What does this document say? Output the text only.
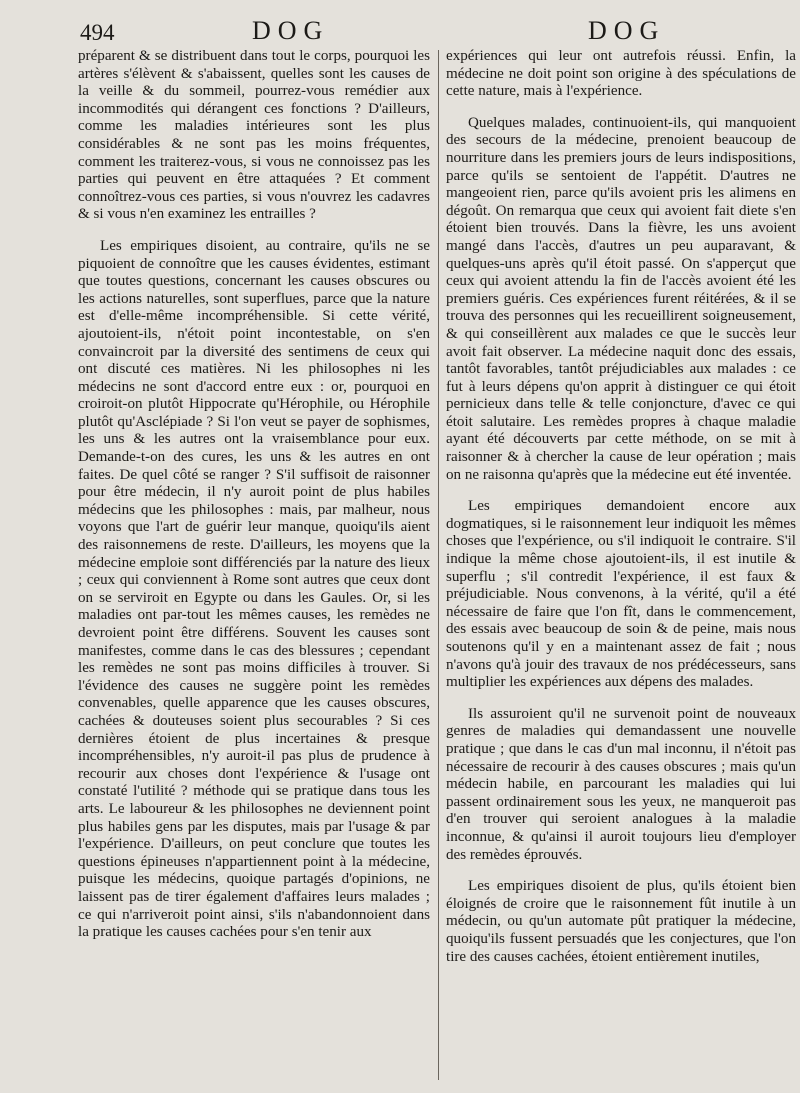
494	DOG	DOG

préparent & se distribuent dans tout le corps, pourquoi les artères s'élèvent & s'abaissent, quelles sont les causes de la veille & du sommeil, pourrez-vous remédier aux incommodités qui dérangent ces fonctions ? D'ailleurs, comme les maladies intérieures sont les plus considérables & ne sont pas les moins fréquentes, comment les traiterez-vous, si vous ne connoissez pas les parties qui peuvent en être attaquées ? Et comment connoîtrez-vous ces parties, si vous n'ouvrez les cadavres & si vous n'en examinez les entrailles ?

Les empiriques disoient, au contraire, qu'ils ne se piquoient de connoître que les causes évidentes, estimant que toutes questions, concernant les causes obscures ou les actions naturelles, sont superflues, parce que la nature est d'elle-même incompréhensible. Si cette vérité, ajoutoient-ils, n'étoit point incontestable, on s'en convaincroit par la diversité des sentimens de ceux qui ont discuté ces matières. Ni les philosophes ni les médecins ne sont d'accord entre eux : or, pourquoi en croiroit-on plutôt Hippocrate qu'Hérophile, ou Hérophile plutôt qu'Asclépiade ? Si l'on veut se payer de sophismes, les uns & les autres ont la vraisemblance pour eux. Demande-t-on des cures, les uns & les autres en ont faites. De quel côté se ranger ? S'il suffisoit de raisonner pour être médecin, il n'y auroit point de plus habiles médecins que les philosophes : mais, par malheur, nous voyons que l'art de guérir leur manque, quoiqu'ils aient des raisonnemens de reste. D'ailleurs, les moyens que la médecine emploie sont différenciés par la nature des lieux ; ceux qui conviennent à Rome sont autres que ceux dont on se serviroit en Egypte ou dans les Gaules. Or, si les maladies ont par-tout les mêmes causes, les remèdes ne devroient point être différens. Souvent les causes sont manifestes, comme dans le cas des blessures ; cependant les remèdes ne sont pas moins difficiles à trouver. Si l'évidence des causes ne suggère point les remèdes convenables, quelle apparence que les causes obscures, cachées & douteuses soient plus secourables ? Si ces dernières étoient de plus incertaines & presque incompréhensibles, n'y auroit-il pas plus de prudence à recourir aux choses dont l'expérience & l'usage ont constaté l'utilité ? méthode qui se pratique dans tous les arts. Le laboureur & les philosophes ne deviennent point plus habiles gens par les disputes, mais par l'usage & par l'expérience. D'ailleurs, on peut conclure que toutes les questions épineuses n'appartiennent point à la médecine, puisque les médecins, quoique partagés d'opinions, ne laissent pas de tirer également d'affaires leurs malades ; ce qui n'arriveroit point ainsi, s'ils n'abandonnoient dans la pratique les causes cachées pour s'en tenir aux

expériences qui leur ont autrefois réussi. Enfin, la médecine ne doit point son origine à des spéculations de cette nature, mais à l'expérience.

Quelques malades, continuoient-ils, qui manquoient des secours de la médecine, prenoient beaucoup de nourriture dans les premiers jours de leurs indispositions, parce qu'ils se sentoient de l'appétit. D'autres ne mangeoient rien, parce qu'ils avoient pris les alimens en dégoût. On remarqua que ceux qui avoient fait diete s'en étoient bien trouvés. Dans la fièvre, les uns avoient mangé dans l'accès, d'autres un peu auparavant, & quelques-uns après qu'il étoit passé. On s'apperçut que ceux qui avoient attendu la fin de l'accès avoient été les premiers guéris. Ces expériences furent réitérées, & il se trouva des personnes qui les recueillirent soigneusement, & qui conseillèrent aux malades ce que le succès leur avoit fait observer. La médecine naquit donc des essais, tantôt favorables, tantôt préjudiciables aux malades : ce fut à leurs dépens qu'on apprit à distinguer ce qui étoit pernicieux dans telle & telle conjoncture, d'avec ce qui étoit salutaire. Les remèdes propres à chaque maladie ayant été découverts par cette méthode, on se mit à raisonner & à chercher la cause de leur opération ; mais on ne raisonna qu'après que la médecine eut été inventée.

Les empiriques demandoient encore aux dogmatiques, si le raisonnement leur indiquoit les mêmes choses que l'expérience, ou s'il indiquoit le contraire. S'il indique la même chose ajoutoient-ils, il est inutile & superflu ; s'il contredit l'expérience, il est faux & préjudiciable. Nous convenons, à la vérité, qu'il a été nécessaire de faire que l'on fît, dans le commencement, des essais avec beaucoup de soin & de peine, mais nous soutenons qu'il y en a maintenant assez de fait ; nous n'avons qu'à jouir des travaux de nos prédécesseurs, sans multiplier les expériences aux dépens des malades.

Ils assuroient qu'il ne survenoit point de nouveaux genres de maladies qui demandassent une nouvelle pratique ; que dans le cas d'un mal inconnu, il n'étoit pas nécessaire de recourir à des causes obscures ; mais qu'un médecin habile, en parcourant les maladies qui lui passent ordinairement sous les yeux, ne manqueroit pas d'en trouver qui seroient analogues à la maladie inconnue, & qu'ainsi il auroit toujours lieu d'employer des remèdes éprouvés.

Les empiriques disoient de plus, qu'ils étoient bien éloignés de croire que le raisonnement fût inutile à un médecin, ou qu'un automate pût pratiquer la médecine, quoiqu'ils fussent persuadés que les conjectures, que l'on tire des causes cachées, étoient entièrement inutiles,
